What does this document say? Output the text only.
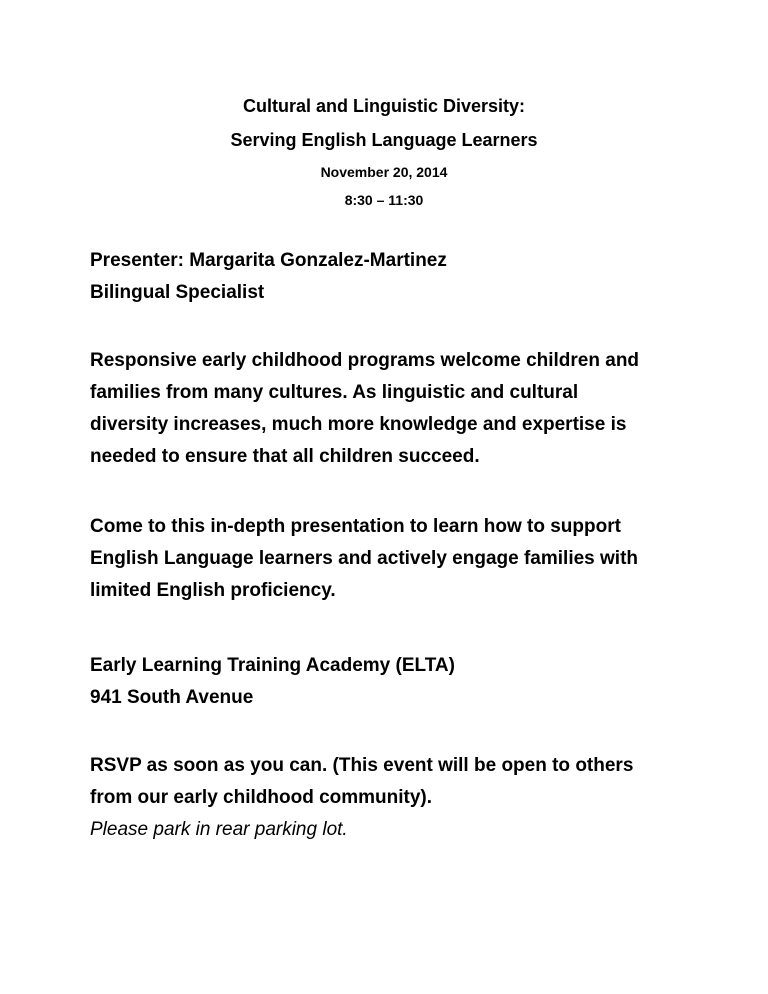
Cultural and Linguistic Diversity:
Serving English Language Learners
November 20, 2014
8:30 – 11:30
Presenter: Margarita Gonzalez-Martinez
Bilingual Specialist
Responsive early childhood programs welcome children and
families from many cultures. As linguistic and cultural
diversity increases, much more knowledge and expertise is
needed to ensure that all children succeed.
Come to this in-depth presentation to learn how to support
English Language learners and actively engage families with
limited English proficiency.
Early Learning Training Academy (ELTA)
941 South Avenue
RSVP as soon as you can. (This event will be open to others
from our early childhood community).
Please park in rear parking lot.
